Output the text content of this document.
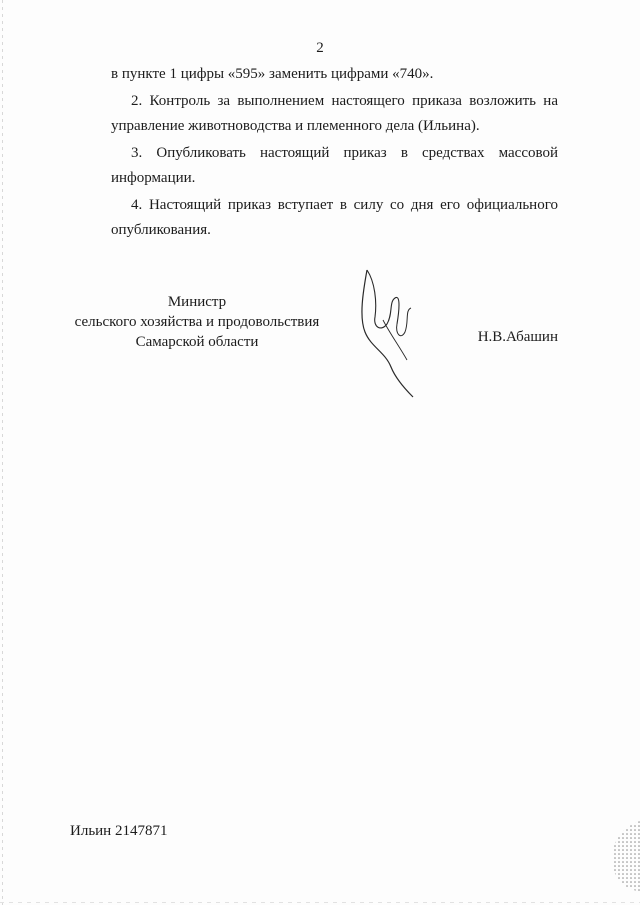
2

в пункте 1 цифры «595» заменить цифрами «740».

2. Контроль за выполнением настоящего приказа возложить на управление животноводства и племенного дела (Ильина).

3. Опубликовать настоящий приказ в средствах массовой информации.

4. Настоящий приказ вступает в силу со дня его официального опубликования.

Министр
сельского хозяйства и продовольствия
Самарской области	Н.В.Абашин
Ильин 2147871
